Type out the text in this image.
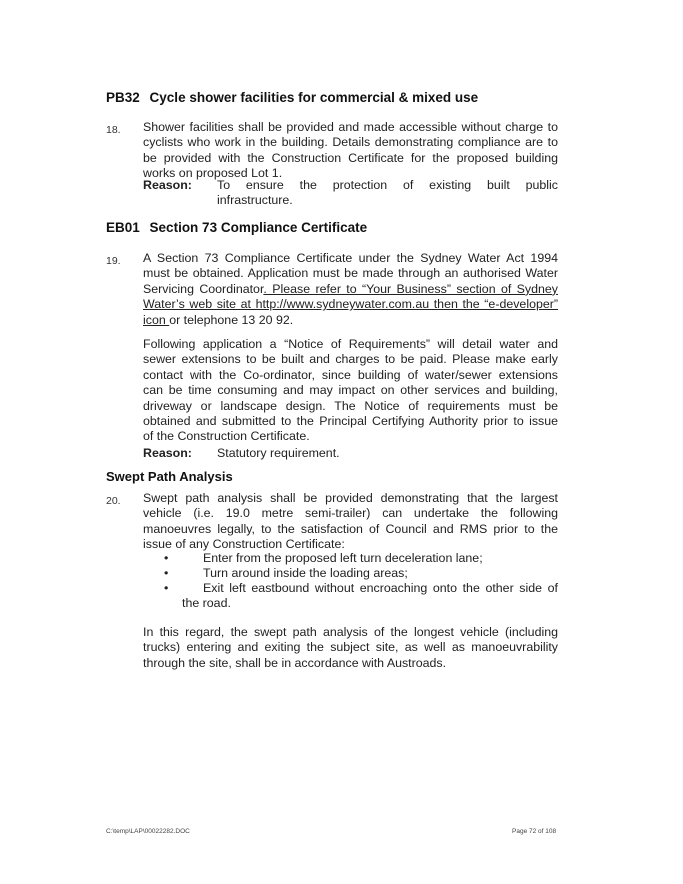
PB32 Cycle shower facilities for commercial & mixed use
18. Shower facilities shall be provided and made accessible without charge to
cyclists who work in the building. Details demonstrating compliance are to
be provided with the Construction Certificate for the proposed building
works on proposed Lot 1.
Reason: To ensure the protection of existing built public
infrastructure.
EB01 Section 73 Compliance Certificate
19. A Section 73 Compliance Certificate under the Sydney Water Act 1994
must be obtained. Application must be made through an authorised Water
Servicing Coordinator. Please refer to “Your Business” section of Sydney
Water’s web site at http://www.sydneywater.com.au then the “e-developer”
icon or telephone 13 20 92.
Following application a “Notice of Requirements” will detail water and
sewer extensions to be built and charges to be paid. Please make early
contact with the Co-ordinator, since building of water/sewer extensions
can be time consuming and may impact on other services and building,
driveway or landscape design. The Notice of requirements must be
obtained and submitted to the Principal Certifying Authority prior to issue
of the Construction Certificate.
Reason: Statutory requirement.
Swept Path Analysis
20. Swept path analysis shall be provided demonstrating that the largest
vehicle (i.e. 19.0 metre semi-trailer) can undertake the following
manoeuvres legally, to the satisfaction of Council and RMS prior to the
issue of any Construction Certificate:
•	Enter from the proposed left turn deceleration lane;
•	Turn around inside the loading areas;
•	Exit left eastbound without encroaching onto the other side of
the road.
In this regard, the swept path analysis of the longest vehicle (including
trucks) entering and exiting the subject site, as well as manoeuvrability
through the site, shall be in accordance with Austroads.
C:\temp\LAP\00022282.DOC	Page 72 of 108
